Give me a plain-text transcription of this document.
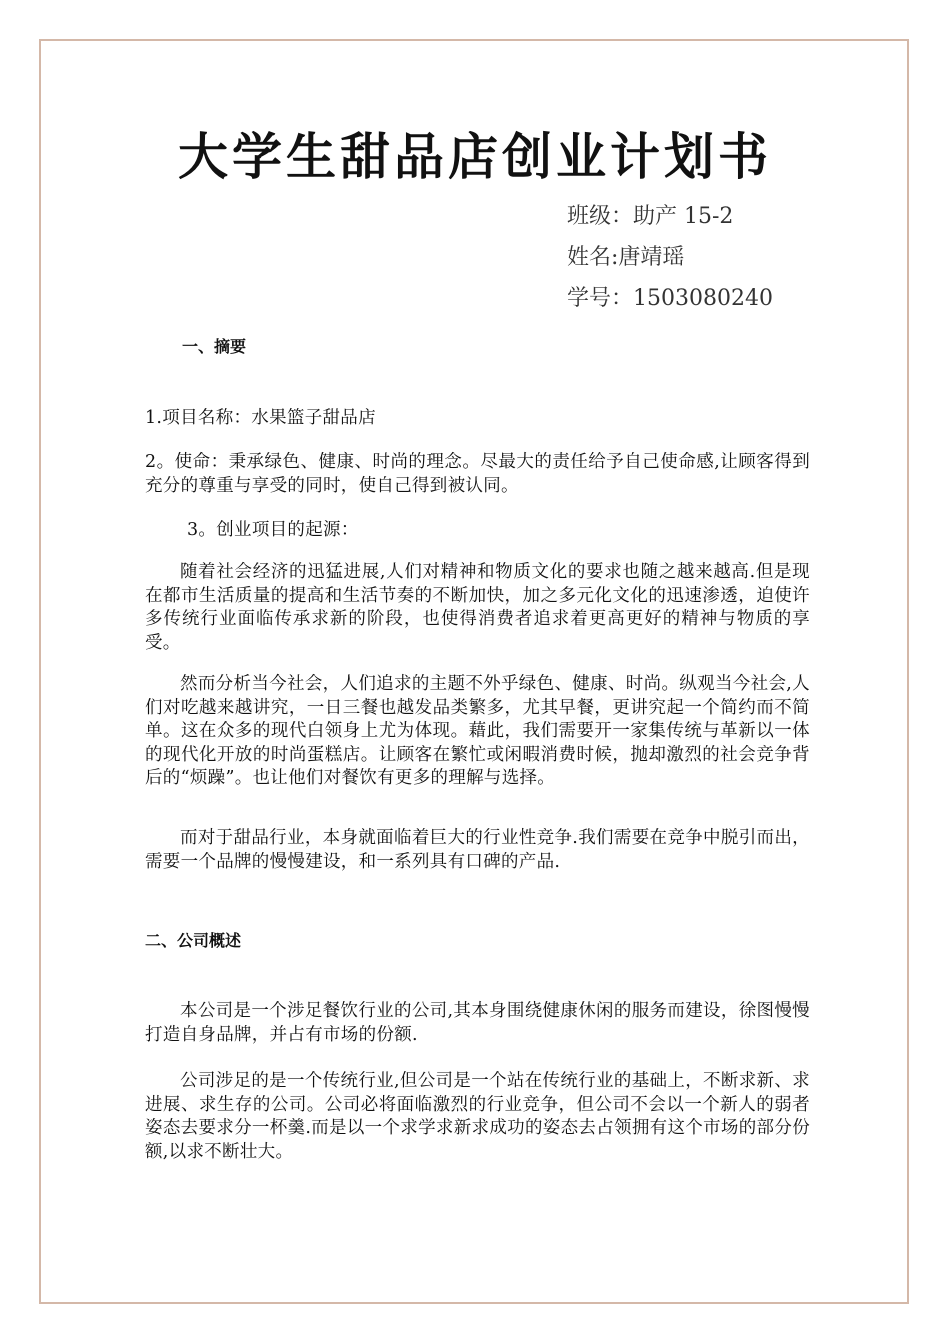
大学生甜品店创业计划书
班级：助产 15-2
姓名:唐靖瑶
学号：1503080240
一、摘要

1.项目名称：水果篮子甜品店

2。使命：秉承绿色、健康、时尚的理念。尽最大的责任给予自己使命感,让顾客得到充分的尊重与享受的同时，使自己得到被认同。

3。创业项目的起源：

随着社会经济的迅猛进展,人们对精神和物质文化的要求也随之越来越高.但是现在都市生活质量的提高和生活节奏的不断加快，加之多元化文化的迅速渗透，迫使许多传统行业面临传承求新的阶段，也使得消费者追求着更高更好的精神与物质的享受。

然而分析当今社会，人们追求的主题不外乎绿色、健康、时尚。纵观当今社会,人们对吃越来越讲究，一日三餐也越发品类繁多，尤其早餐，更讲究起一个简约而不简单。这在众多的现代白领身上尤为体现。藉此，我们需要开一家集传统与革新以一体的现代化开放的时尚蛋糕店。让顾客在繁忙或闲暇消费时候，抛却激烈的社会竞争背后的“烦躁”。也让他们对餐饮有更多的理解与选择。

而对于甜品行业，本身就面临着巨大的行业性竞争.我们需要在竞争中脱引而出，需要一个品牌的慢慢建设，和一系列具有口碑的产品.

二、公司概述

本公司是一个涉足餐饮行业的公司,其本身围绕健康休闲的服务而建设，徐图慢慢打造自身品牌，并占有市场的份额.

公司涉足的是一个传统行业,但公司是一个站在传统行业的基础上，不断求新、求进展、求生存的公司。公司必将面临激烈的行业竞争，但公司不会以一个新人的弱者姿态去要求分一杯羹.而是以一个求学求新求成功的姿态去占领拥有这个市场的部分份额,以求不断壮大。
